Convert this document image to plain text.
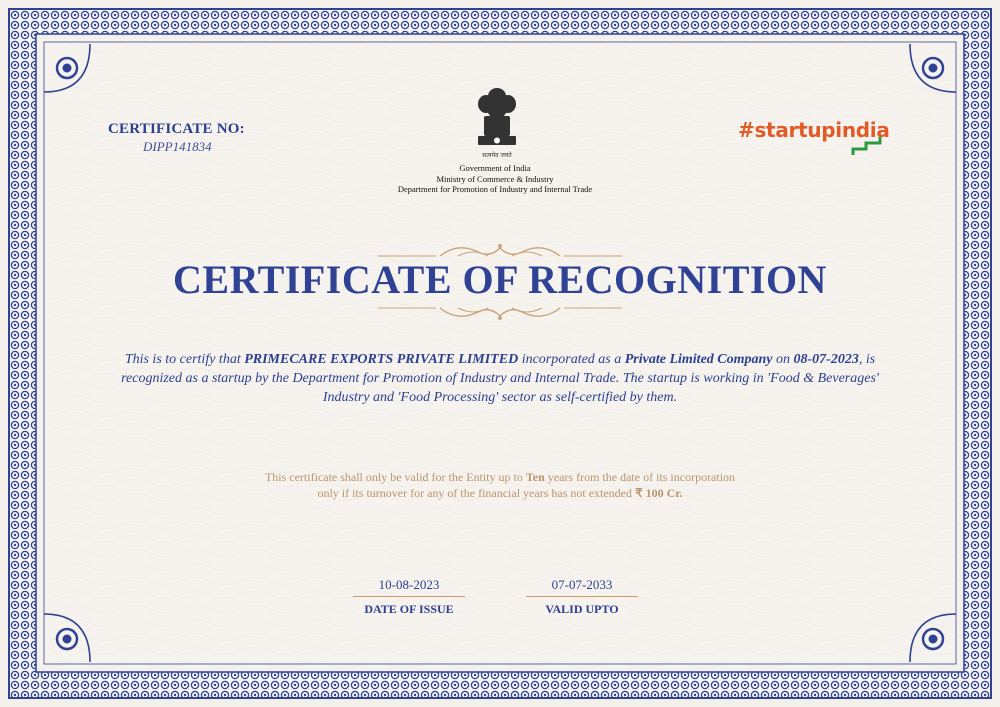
CERTIFICATE NO:
DIPP141834
सत्यमेव जयते
Government of India
Ministry of Commerce & Industry
Department for Promotion of Industry and Internal Trade
#startupindia
CERTIFICATE OF RECOGNITION
This is to certify that PRIMECARE EXPORTS PRIVATE LIMITED incorporated as a Private Limited Company on 08-07-2023, is recognized as a startup by the Department for Promotion of Industry and Internal Trade. The startup is working in 'Food & Beverages' Industry and 'Food Processing' sector as self-certified by them.
This certificate shall only be valid for the Entity up to Ten years from the date of its incorporation
only if its turnover for any of the financial years has not extended ₹ 100 Cr.
10-08-2023
DATE OF ISSUE
07-07-2033
VALID UPTO
